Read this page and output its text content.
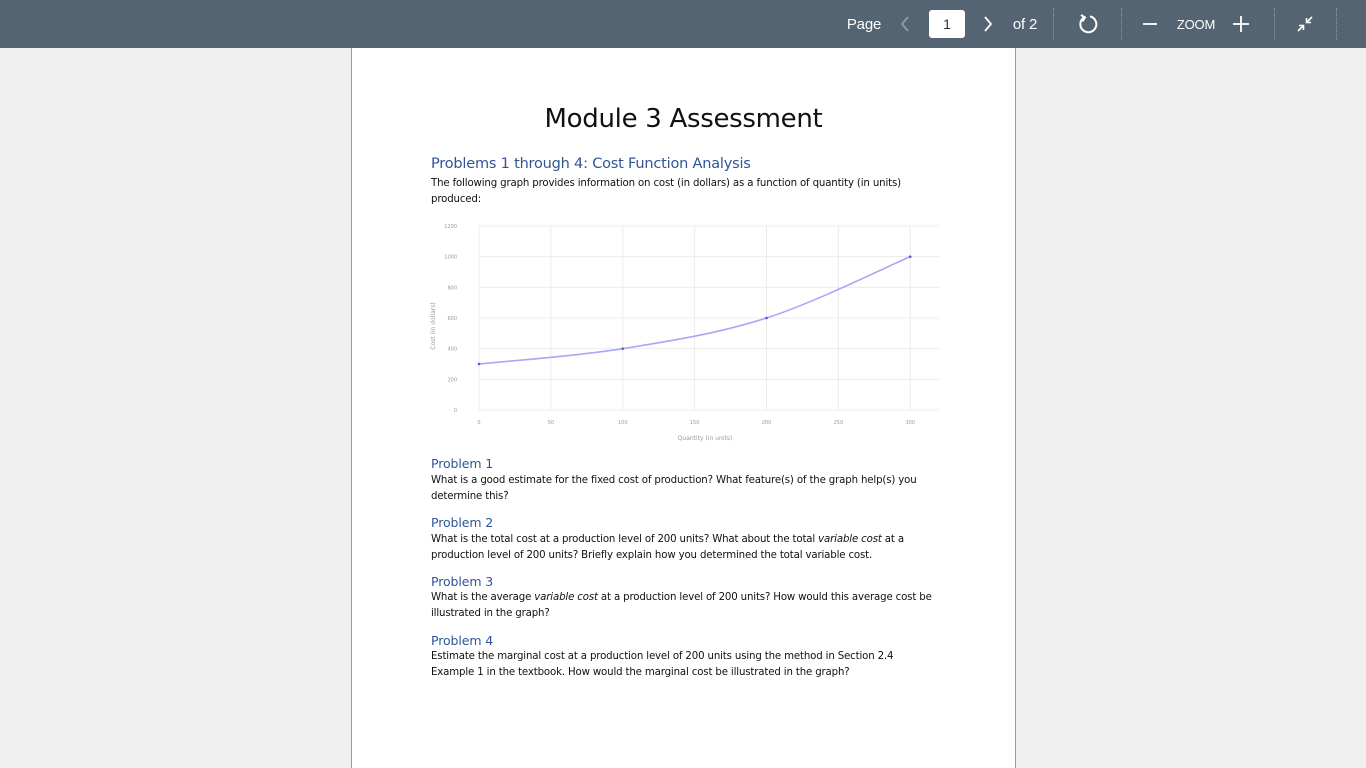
Page
1	of 2	ZOOM
Module 3 Assessment
Problems 1 through 4: Cost Function Analysis
The following graph provides information on cost (in dollars) as a function of quantity (in units) produced:
0
200
400
600
800
1000
1200
0	50	100	150	200	250	300
Quantity (in units)
Cost (in dollars)
Problem 1
What is a good estimate for the fixed cost of production? What feature(s) of the graph help(s) you determine this?
Problem 2
What is the total cost at a production level of 200 units? What about the total variable cost at a production level of 200 units? Briefly explain how you determined the total variable cost.
Problem 3
What is the average variable cost at a production level of 200 units? How would this average cost be illustrated in the graph?
Problem 4
Estimate the marginal cost at a production level of 200 units using the method in Section 2.4 Example 1 in the textbook. How would the marginal cost be illustrated in the graph?
